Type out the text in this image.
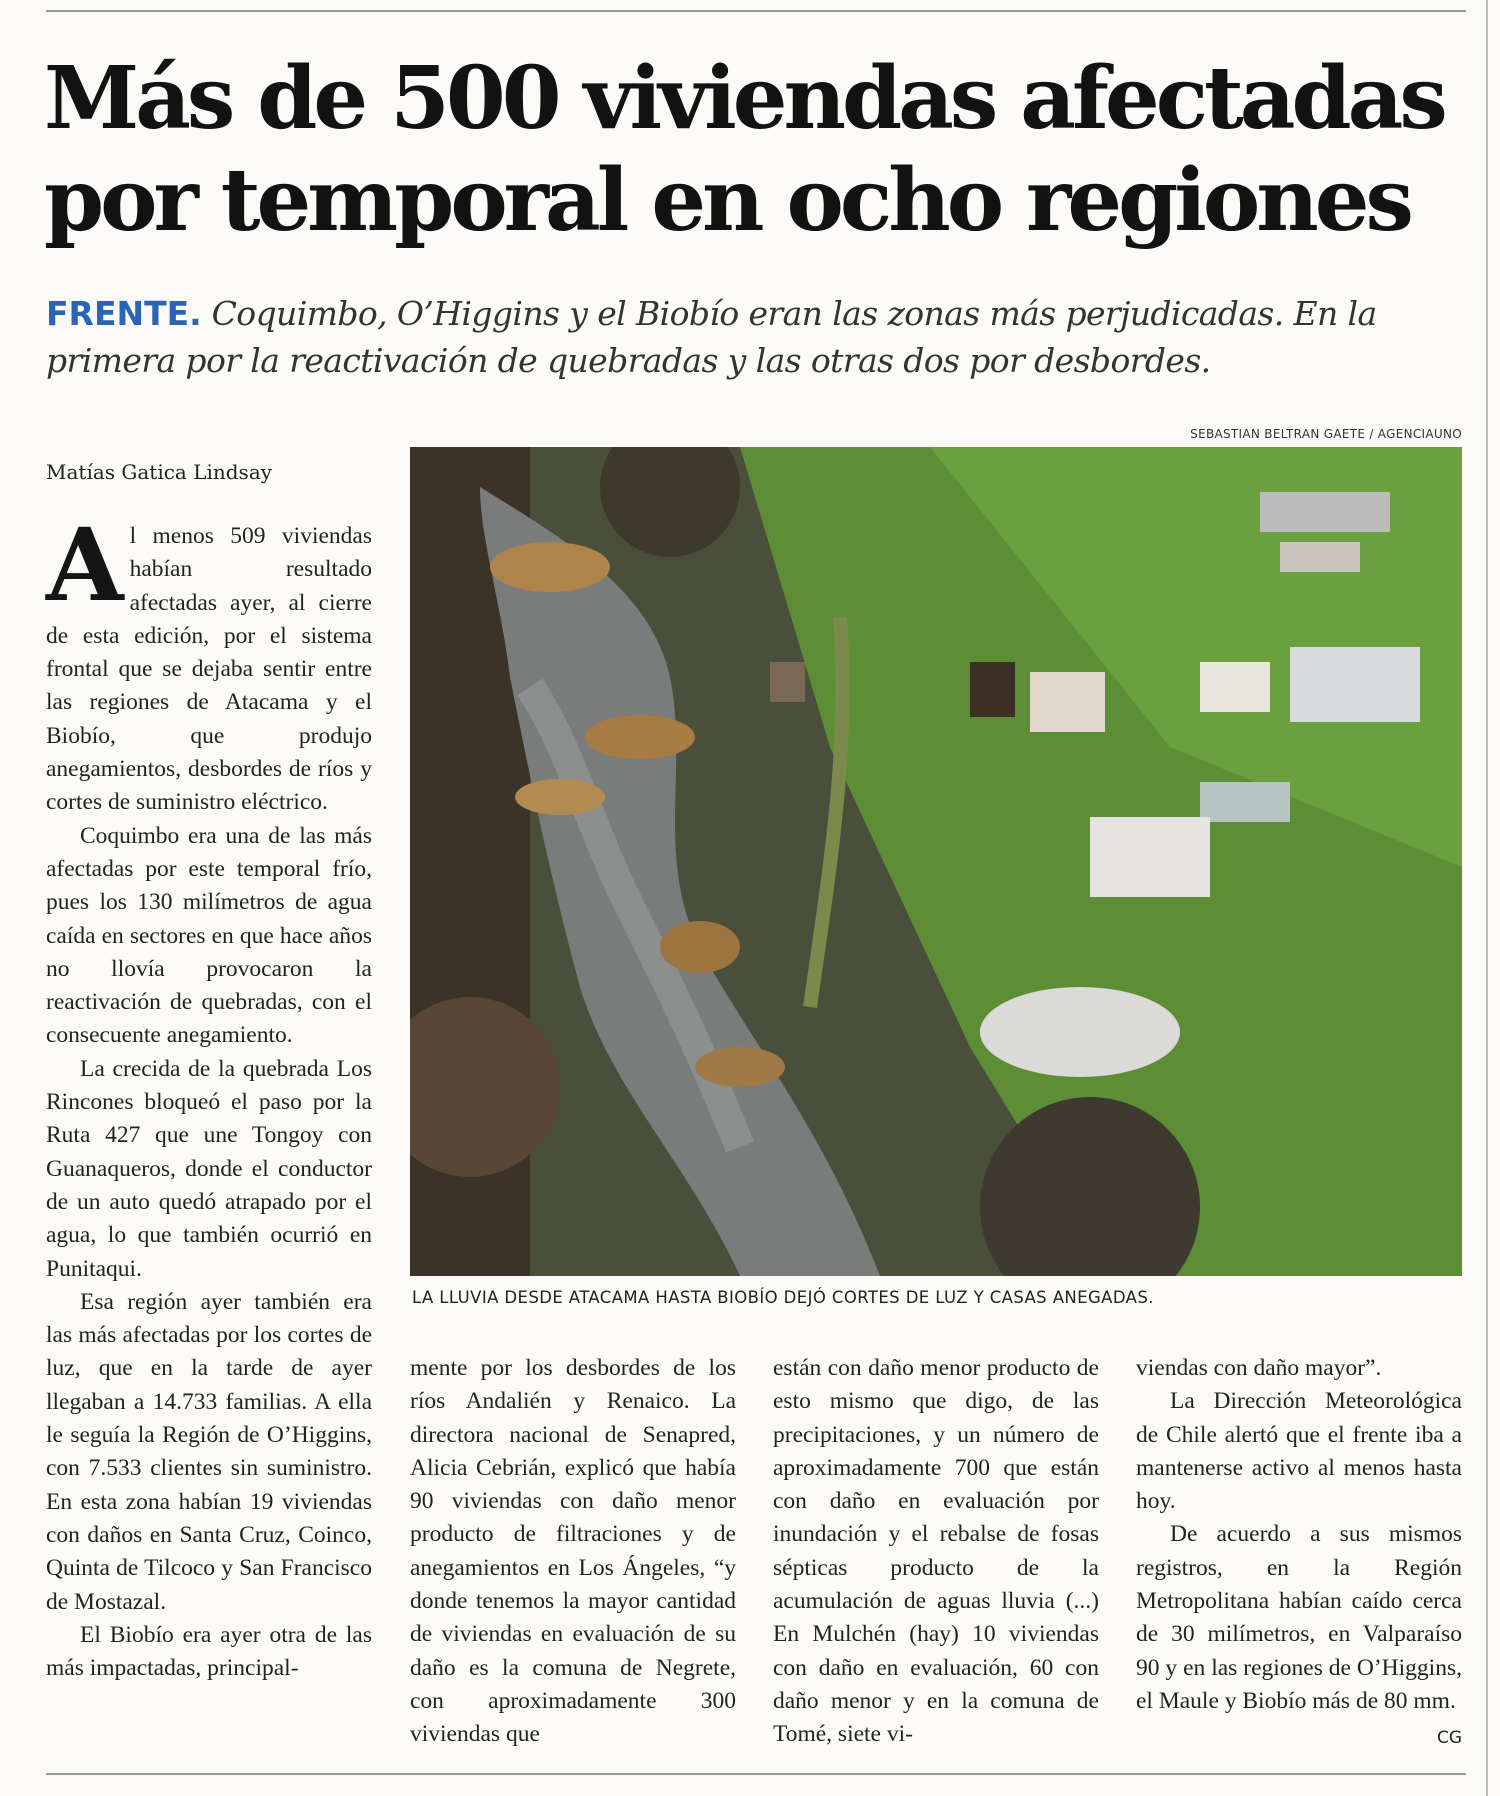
Más de 500 viviendas afectadas por temporal en ocho regiones

FRENTE. Coquimbo, O’Higgins y el Biobío eran las zonas más perjudicadas. En la primera por la reactivación de quebradas y las otras dos por desbordes.

SEBASTIAN BELTRAN GAETE / AGENCIAUNO
LA LLUVIA DESDE ATACAMA HASTA BIOBÍO DEJÓ CORTES DE LUZ Y CASAS ANEGADAS.
Matías Gatica Lindsay

Al menos 509 viviendas habían resultado afectadas ayer, al cierre de esta edición, por el sistema frontal que se dejaba sentir entre las regiones de Atacama y el Biobío, que produjo anegamientos, desbordes de ríos y cortes de suministro eléctrico.

Coquimbo era una de las más afectadas por este temporal frío, pues los 130 milímetros de agua caída en sectores en que hace años no llovía provocaron la reactivación de quebradas, con el consecuente anegamiento.

La crecida de la quebrada Los Rincones bloqueó el paso por la Ruta 427 que une Tongoy con Guanaqueros, donde el conductor de un auto quedó atrapado por el agua, lo que también ocurrió en Punitaqui.

Esa región ayer también era las más afectadas por los cortes de luz, que en la tarde de ayer llegaban a 14.733 familias. A ella le seguía la Región de O’Higgins, con 7.533 clientes sin suministro. En esta zona habían 19 viviendas con daños en Santa Cruz, Coinco, Quinta de Tilcoco y San Francisco de Mostazal.

El Biobío era ayer otra de las más impactadas, principal-

mente por los desbordes de los ríos Andalién y Renaico. La directora nacional de Senapred, Alicia Cebrián, explicó que había 90 viviendas con daño menor producto de filtraciones y de anegamientos en Los Ángeles, “y donde tenemos la mayor cantidad de viviendas en evaluación de su daño es la comuna de Negrete, con aproximadamente 300 viviendas que

están con daño menor producto de esto mismo que digo, de las precipitaciones, y un número de aproximadamente 700 que están con daño en evaluación por inundación y el rebalse de fosas sépticas producto de la acumulación de aguas lluvia (...) En Mulchén (hay) 10 viviendas con daño en evaluación, 60 con daño menor y en la comuna de Tomé, siete vi-

viendas con daño mayor”.

La Dirección Meteorológica de Chile alertó que el frente iba a mantenerse activo al menos hasta hoy.

De acuerdo a sus mismos registros, en la Región Metropolitana habían caído cerca de 30 milímetros, en Valparaíso 90 y en las regiones de O’Higgins, el Maule y Biobío más de 80 mm.
CG
